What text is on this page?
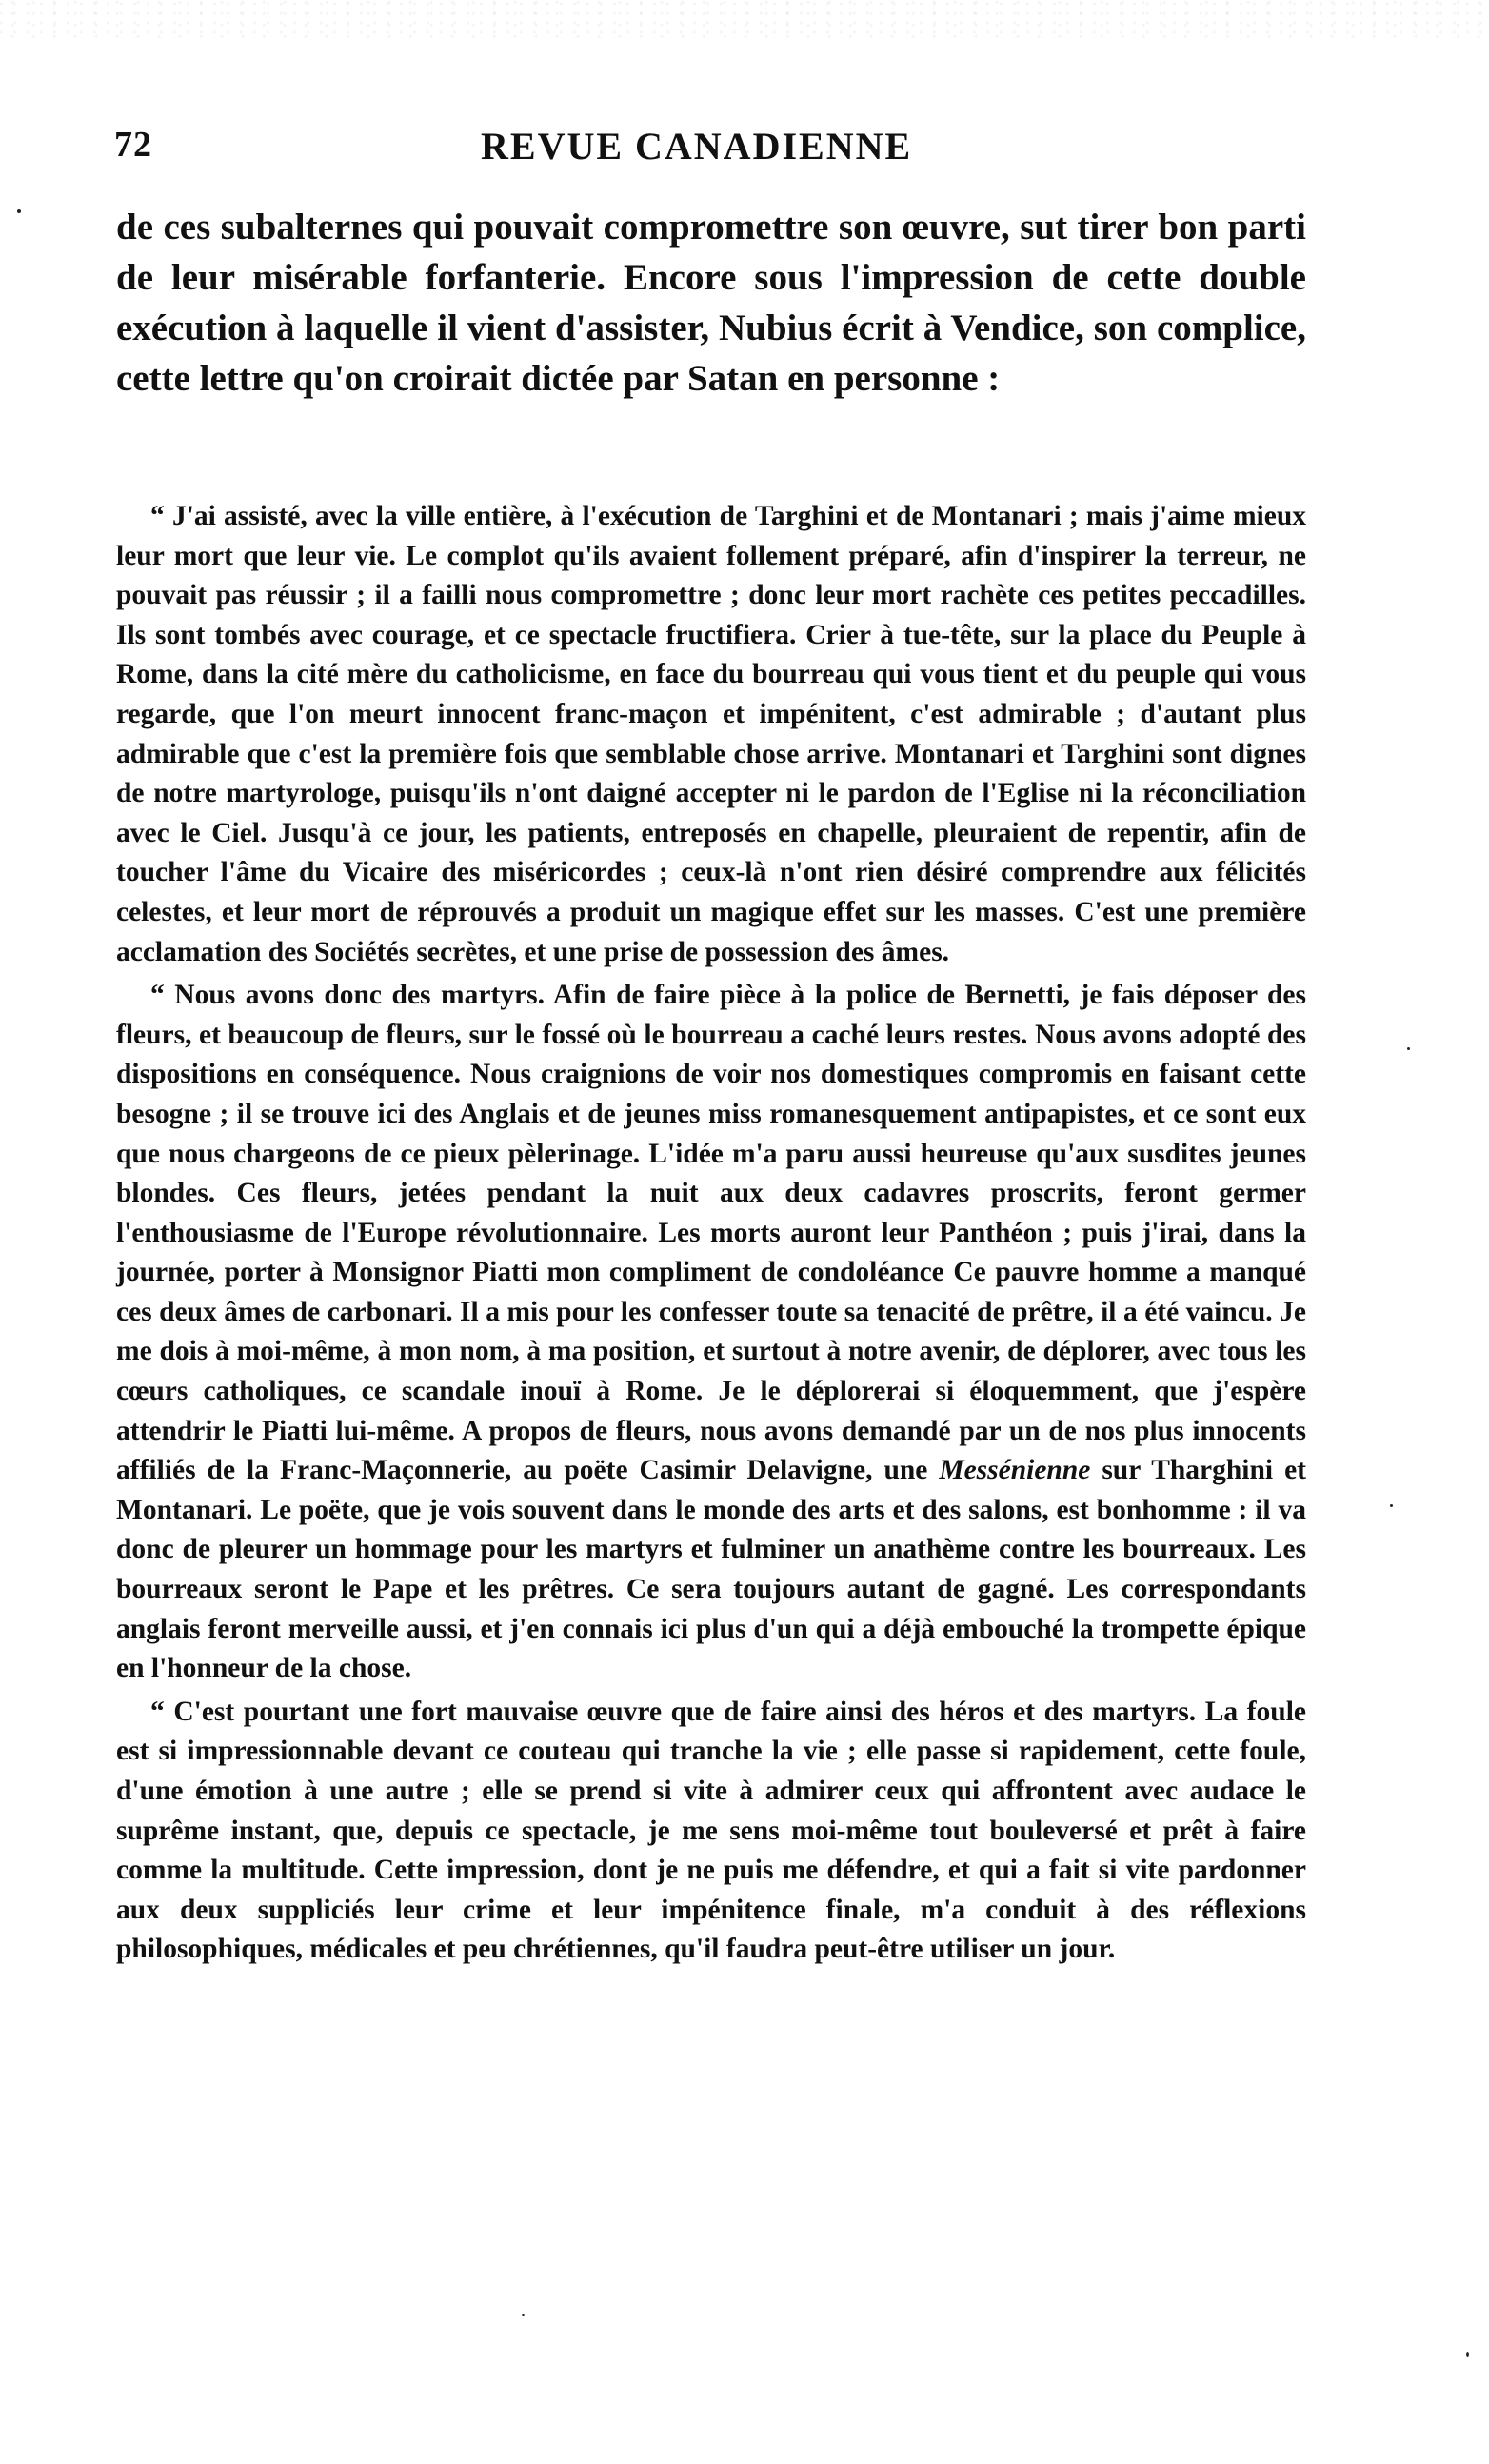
72	REVUE CANADIENNE
de ces subalternes qui pouvait compromettre son œuvre, sut tirer bon parti de leur misérable forfanterie. Encore sous l'impression de cette double exécution à laquelle il vient d'assister, Nubius écrit à Vendice, son complice, cette lettre qu'on croirait dictée par Satan en personne :

“ J'ai assisté, avec la ville entière, à l'exécution de Targhini et de Montanari ; mais j'aime mieux leur mort que leur vie. Le complot qu'ils avaient follement préparé, afin d'inspirer la terreur, ne pouvait pas réussir ; il a failli nous compromettre ; donc leur mort rachète ces petites peccadilles. Ils sont tombés avec courage, et ce spectacle fructifiera. Crier à tue-tête, sur la place du Peuple à Rome, dans la cité mère du catholicisme, en face du bourreau qui vous tient et du peuple qui vous regarde, que l'on meurt innocent franc-maçon et impénitent, c'est admirable ; d'autant plus admirable que c'est la première fois que semblable chose arrive. Montanari et Targhini sont dignes de notre martyrologe, puisqu'ils n'ont daigné accepter ni le pardon de l'Eglise ni la réconciliation avec le Ciel. Jusqu'à ce jour, les patients, entreposés en chapelle, pleuraient de repentir, afin de toucher l'âme du Vicaire des miséricordes ; ceux-là n'ont rien désiré comprendre aux félicités celestes, et leur mort de réprouvés a produit un magique effet sur les masses. C'est une première acclamation des Sociétés secrètes, et une prise de possession des âmes.

“ Nous avons donc des martyrs. Afin de faire pièce à la police de Bernetti, je fais déposer des fleurs, et beaucoup de fleurs, sur le fossé où le bourreau a caché leurs restes. Nous avons adopté des dispositions en conséquence. Nous craignions de voir nos domestiques compromis en faisant cette besogne ; il se trouve ici des Anglais et de jeunes miss romanesquement antipapistes, et ce sont eux que nous chargeons de ce pieux pèlerinage. L'idée m'a paru aussi heureuse qu'aux susdites jeunes blondes. Ces fleurs, jetées pendant la nuit aux deux cadavres proscrits, feront germer l'enthousiasme de l'Europe révolutionnaire. Les morts auront leur Panthéon ; puis j'irai, dans la journée, porter à Monsignor Piatti mon compliment de condoléance Ce pauvre homme a manqué ces deux âmes de carbonari. Il a mis pour les confesser toute sa tenacité de prêtre, il a été vaincu. Je me dois à moi-même, à mon nom, à ma position, et surtout à notre avenir, de déplorer, avec tous les cœurs catholiques, ce scandale inouï à Rome. Je le déplorerai si éloquemment, que j'espère attendrir le Piatti lui-même. A propos de fleurs, nous avons demandé par un de nos plus innocents affiliés de la Franc-Maçonnerie, au poëte Casimir Delavigne, une Messénienne sur Tharghini et Montanari. Le poëte, que je vois souvent dans le monde des arts et des salons, est bonhomme : il va donc de pleurer un hommage pour les martyrs et fulminer un anathème contre les bourreaux. Les bourreaux seront le Pape et les prêtres. Ce sera toujours autant de gagné. Les correspondants anglais feront merveille aussi, et j'en connais ici plus d'un qui a déjà embouché la trompette épique en l'honneur de la chose.

“ C'est pourtant une fort mauvaise œuvre que de faire ainsi des héros et des martyrs. La foule est si impressionnable devant ce couteau qui tranche la vie ; elle passe si rapidement, cette foule, d'une émotion à une autre ; elle se prend si vite à admirer ceux qui affrontent avec audace le suprême instant, que, depuis ce spectacle, je me sens moi-même tout bouleversé et prêt à faire comme la multitude. Cette impression, dont je ne puis me défendre, et qui a fait si vite pardonner aux deux suppliciés leur crime et leur impénitence finale, m'a conduit à des réflexions philosophiques, médicales et peu chrétiennes, qu'il faudra peut-être utiliser un jour.
